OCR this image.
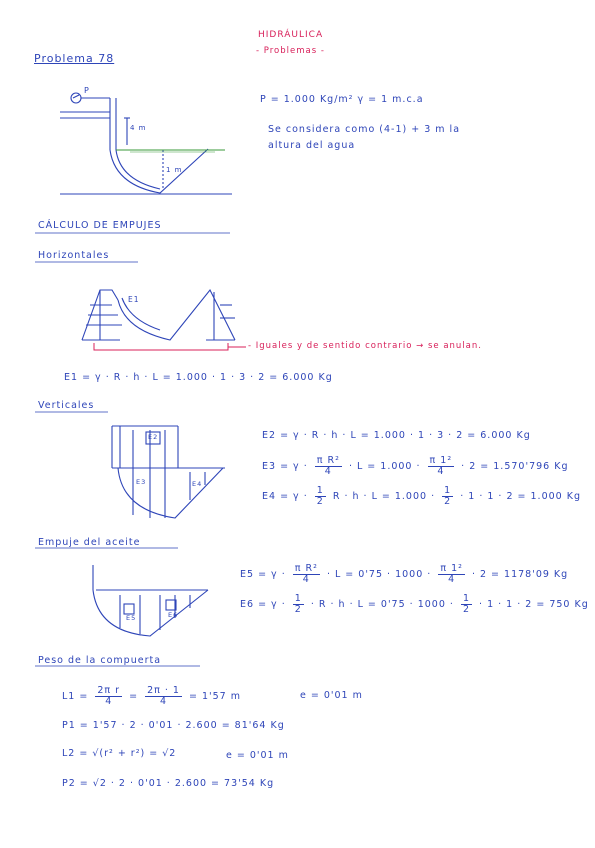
HIDRÁULICA
- Problemas -
Problema 78
P = 1.000 Kg/m² γ = 1 m.c.a
Se considera como (4-1) + 3 m la
altura del agua
P
4 m
1 m
CÁLCULO DE EMPUJES
Horizontales
E1
- Iguales y de sentido contrario → se anulan.
E1 = γ · R · h · L = 1.000 · 1 · 3 · 2 = 6.000 Kg
Verticales
E2
E3	E4
E2 = γ · R · h · L = 1.000 · 1 · 3 · 2 = 6.000 Kg
$E3 = \gamma \cdot \frac{\text{π R²}}{4} \cdot L = 1.000 \cdot \frac{\text{π 1²}}{4} \cdot 2 = 1.570'796$ Kg
$E4 = \gamma \cdot \frac{1}{2}$ $R \cdot h \cdot L = 1.000 \cdot \frac{1}{2} \cdot 1 \cdot 1 \cdot 2 = 1.000$ Kg
Empuje del aceite
E5	E6
$E5 = \gamma \cdot \frac{\text{π R²}}{4} \cdot L = 0'75 \cdot 1000 \cdot \frac{\text{π 1²}}{4} \cdot 2 = 1178'09$ Kg
$E6 = \gamma \cdot \frac{1}{2} \cdot R \cdot h \cdot L = 0'75 \cdot 1000 \cdot \frac{1}{2} \cdot 1 \cdot 1 \cdot 2 = 750$ Kg
Peso de la compuerta
$L1 = \frac{\text{2π r}}{4} = \frac{2\pi \cdot 1}{4} = 1'57$ m	e = 0'01 m
P1 = 1'57 · 2 · 0'01 · 2.600 = 81'64 Kg
L2 = √(r² + r²) = √2	e = 0'01 m
P2 = √2 · 2 · 0'01 · 2.600 = 73'54 Kg
